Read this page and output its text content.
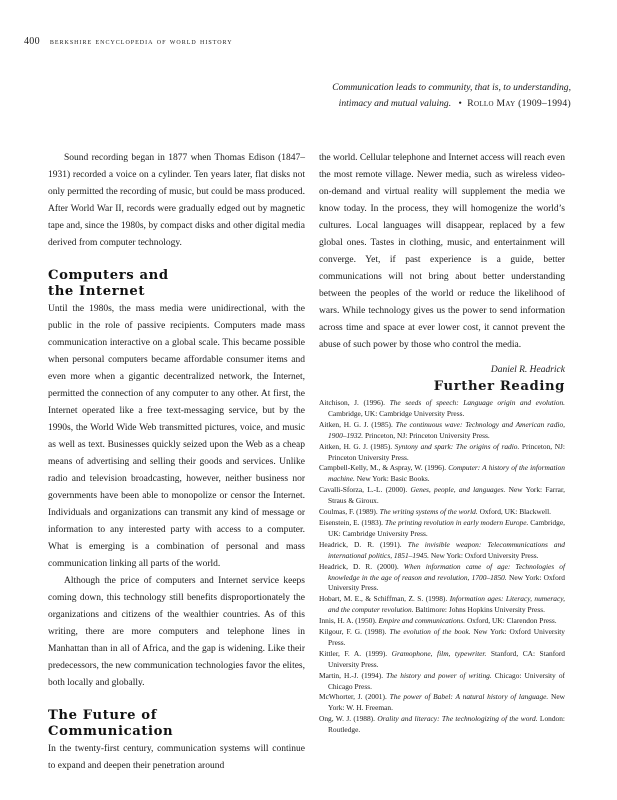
400 berkshire encyclopedia of world history
Communication leads to community, that is, to understanding,
intimacy and mutual valuing. • Rollo May (1909–1994)

Sound recording began in 1877 when Thomas Edison (1847–1931) recorded a voice on a cylinder. Ten years later, flat disks not only permitted the recording of music, but could be mass produced. After World War II, records were gradually edged out by magnetic tape and, since the 1980s, by compact disks and other digital media derived from computer technology.

Computers and
the Internet

Until the 1980s, the mass media were unidirectional, with the public in the role of passive recipients. Computers made mass communication interactive on a global scale. This became possible when personal computers became affordable consumer items and even more when a gigantic decentralized network, the Internet, permitted the connection of any computer to any other. At first, the Internet operated like a free text-messaging service, but by the 1990s, the World Wide Web transmitted pictures, voice, and music as well as text. Businesses quickly seized upon the Web as a cheap means of advertising and selling their goods and services. Unlike radio and television broadcasting, however, neither business nor governments have been able to monopolize or censor the Internet. Individuals and organizations can transmit any kind of message or information to any interested party with access to a computer. What is emerging is a combination of personal and mass communication linking all parts of the world.

Although the price of computers and Internet service keeps coming down, this technology still benefits disproportionately the organizations and citizens of the wealthier countries. As of this writing, there are more computers and telephone lines in Manhattan than in all of Africa, and the gap is widening. Like their predecessors, the new communication technologies favor the elites, both locally and globally.

The Future of
Communication

In the twenty-first century, communication systems will continue to expand and deepen their penetration around

the world. Cellular telephone and Internet access will reach even the most remote village. Newer media, such as wireless video-on-demand and virtual reality will supplement the media we know today. In the process, they will homogenize the world’s cultures. Local languages will disappear, replaced by a few global ones. Tastes in clothing, music, and entertainment will converge. Yet, if past experience is a guide, better communications will not bring about better understanding between the peoples of the world or reduce the likelihood of wars. While technology gives us the power to send information across time and space at ever lower cost, it cannot prevent the abuse of such power by those who control the media.

Daniel R. Headrick
Further Reading

Aitchison, J. (1996). The seeds of speech: Language origin and evolution. Cambridge, UK: Cambridge University Press.

Aitken, H. G. J. (1985). The continuous wave: Technology and American radio, 1900–1932. Princeton, NJ: Princeton University Press.

Aitken, H. G. J. (1985). Syntony and spark: The origins of radio. Princeton, NJ: Princeton University Press.

Campbell-Kelly, M., & Aspray, W. (1996). Computer: A history of the information machine. New York: Basic Books.

Cavalli-Sforza, L.-L. (2000). Genes, people, and languages. New York: Farrar, Straus & Giroux.

Coulmas, F. (1989). The writing systems of the world. Oxford, UK: Blackwell.

Eisenstein, E. (1983). The printing revolution in early modern Europe. Cambridge, UK: Cambridge University Press.

Headrick, D. R. (1991). The invisible weapon: Telecommunications and international politics, 1851–1945. New York: Oxford University Press.

Headrick, D. R. (2000). When information came of age: Technologies of knowledge in the age of reason and revolution, 1700–1850. New York: Oxford University Press.

Hobart, M. E., & Schiffman, Z. S. (1998). Information ages: Literacy, numeracy, and the computer revolution. Baltimore: Johns Hopkins University Press.

Innis, H. A. (1950). Empire and communications. Oxford, UK: Clarendon Press.

Kilgour, F. G. (1998). The evolution of the book. New York: Oxford University Press.

Kittler, F. A. (1999). Gramophone, film, typewriter. Stanford, CA: Stanford University Press.

Martin, H.-J. (1994). The history and power of writing. Chicago: University of Chicago Press.

McWhorter, J. (2001). The power of Babel: A natural history of language. New York: W. H. Freeman.

Ong, W. J. (1988). Orality and literacy: The technologizing of the word. London: Routledge.
